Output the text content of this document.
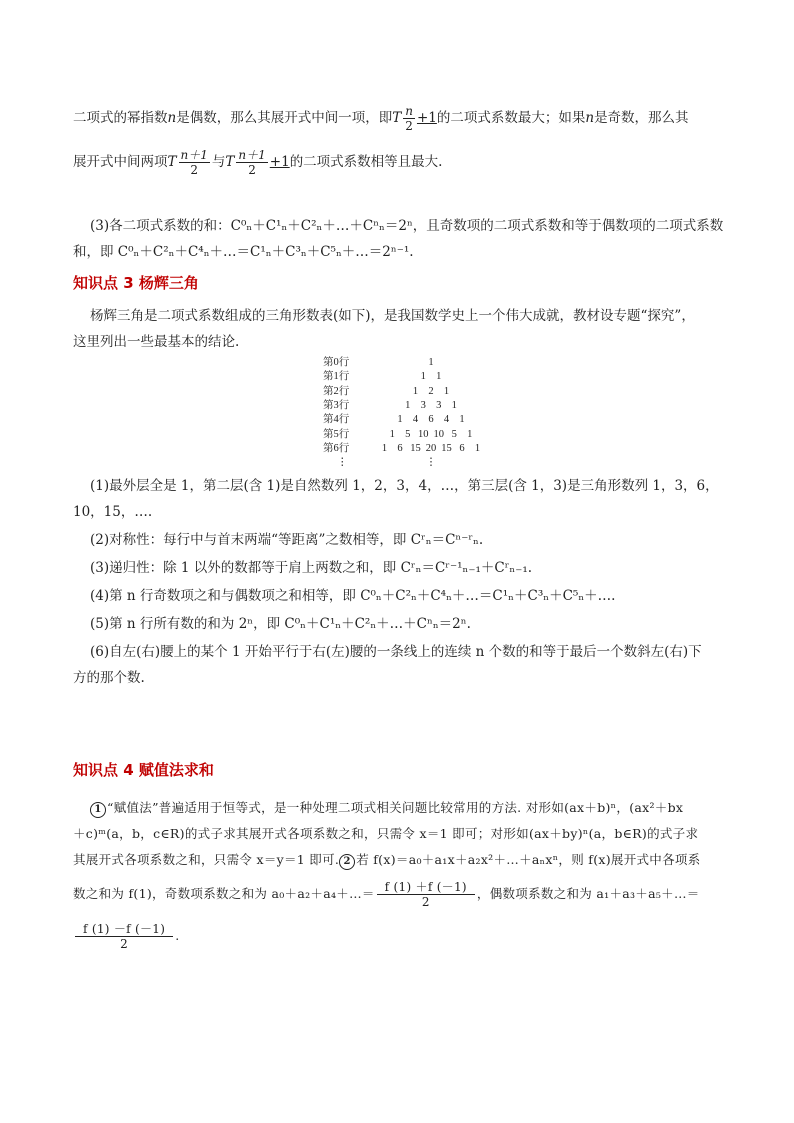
二项式的幂指数n是偶数，那么其展开式中间一项，即T $\frac{n}{2} +1$的二项式系数最大；如果n是奇数，那么其
展开式中间两项T $\frac{n+1}{2}$ 与T $\frac{n+1}{2} +1$的二项式系数相等且最大.
(3)各二项式系数的和：C⁰ₙ＋C¹ₙ＋C²ₙ＋…＋Cⁿₙ＝2ⁿ，且奇数项的二项式系数和等于偶数项的二项式系数
和，即 C⁰ₙ＋C²ₙ＋C⁴ₙ＋…＝C¹ₙ＋C³ₙ＋C⁵ₙ＋…＝2ⁿ⁻¹.
知识点 3 杨辉三角
杨辉三角是二项式系数组成的三角形数表(如下)，是我国数学史上一个伟大成就，教材设专题“探究”，
这里列出一些最基本的结论.
⋮	⋮
第0行	1
第1行	1 1
第2行	1 2 1
第3行	1 3 3 1
第4行	1 4 6 4 1
第5行	1 5 10 10 5 1
第6行	1 6 15 20 15 6 1
(1)最外层全是 1，第二层(含 1)是自然数列 1，2，3，4，…，第三层(含 1，3)是三角形数列 1，3，6，
10，15，….
(2)对称性：每行中与首末两端“等距离”之数相等，即 Cʳₙ＝Cⁿ⁻ʳₙ.
(3)递归性：除 1 以外的数都等于肩上两数之和，即 Cʳₙ＝Cʳ⁻¹ₙ₋₁＋Cʳₙ₋₁.
(4)第 n 行奇数项之和与偶数项之和相等，即 C⁰ₙ＋C²ₙ＋C⁴ₙ＋…＝C¹ₙ＋C³ₙ＋C⁵ₙ＋….
(5)第 n 行所有数的和为 2ⁿ，即 C⁰ₙ＋C¹ₙ＋C²ₙ＋…＋Cⁿₙ＝2ⁿ.
(6)自左(右)腰上的某个 1 开始平行于右(左)腰的一条线上的连续 n 个数的和等于最后一个数斜左(右)下
方的那个数.
知识点 4 赋值法求和
1 “赋值法”普遍适用于恒等式，是一种处理二项式相关问题比较常用的方法. 对形如(ax＋b)ⁿ，(ax²＋bx
＋c)ᵐ(a，b，c∈R)的式子求其展开式各项系数之和，只需令 x＝1 即可；对形如(ax＋by)ⁿ(a，b∈R)的式子求
其展开式各项系数之和，只需令 x＝y＝1 即可. 2 若 f(x)＝a₀＋a₁x＋a₂x²＋…＋aₙxⁿ，则 f(x)展开式中各项系
数之和为 f(1)，奇数项系数之和为 a₀＋a₂＋a₄＋…＝ $\frac{f (1) +f (-1)}{2}$ ，偶数项系数之和为 a₁＋a₃＋a₅＋…＝
$\frac{f (1) -f (-1)}{2}$ .
